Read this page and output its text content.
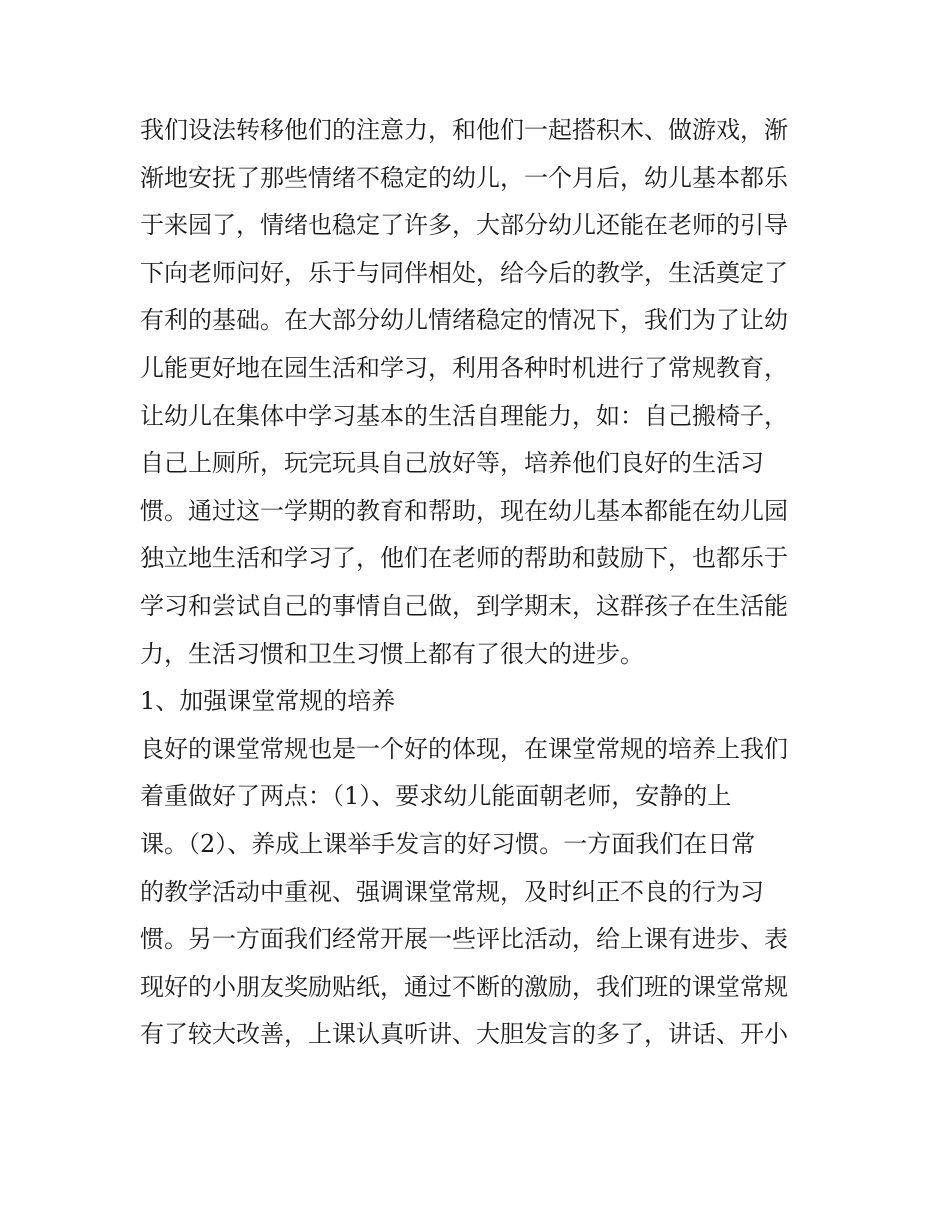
我们设法转移他们的注意力，和他们一起搭积木、做游戏，渐
渐地安抚了那些情绪不稳定的幼儿，一个月后，幼儿基本都乐
于来园了，情绪也稳定了许多，大部分幼儿还能在老师的引导
下向老师问好，乐于与同伴相处，给今后的教学，生活奠定了
有利的基础。在大部分幼儿情绪稳定的情况下，我们为了让幼
儿能更好地在园生活和学习，利用各种时机进行了常规教育，
让幼儿在集体中学习基本的生活自理能力，如：自己搬椅子，
自己上厕所，玩完玩具自己放好等，培养他们良好的生活习
惯。通过这一学期的教育和帮助，现在幼儿基本都能在幼儿园
独立地生活和学习了，他们在老师的帮助和鼓励下，也都乐于
学习和尝试自己的事情自己做，到学期末，这群孩子在生活能
力，生活习惯和卫生习惯上都有了很大的进步。
1、加强课堂常规的培养
良好的课堂常规也是一个好的体现，在课堂常规的培养上我们
着重做好了两点：（1）、要求幼儿能面朝老师，安静的上
课。（2）、养成上课举手发言的好习惯。一方面我们在日常
的教学活动中重视、强调课堂常规，及时纠正不良的行为习
惯。另一方面我们经常开展一些评比活动，给上课有进步、表
现好的小朋友奖励贴纸，通过不断的激励，我们班的课堂常规
有了较大改善，上课认真听讲、大胆发言的多了，讲话、开小
